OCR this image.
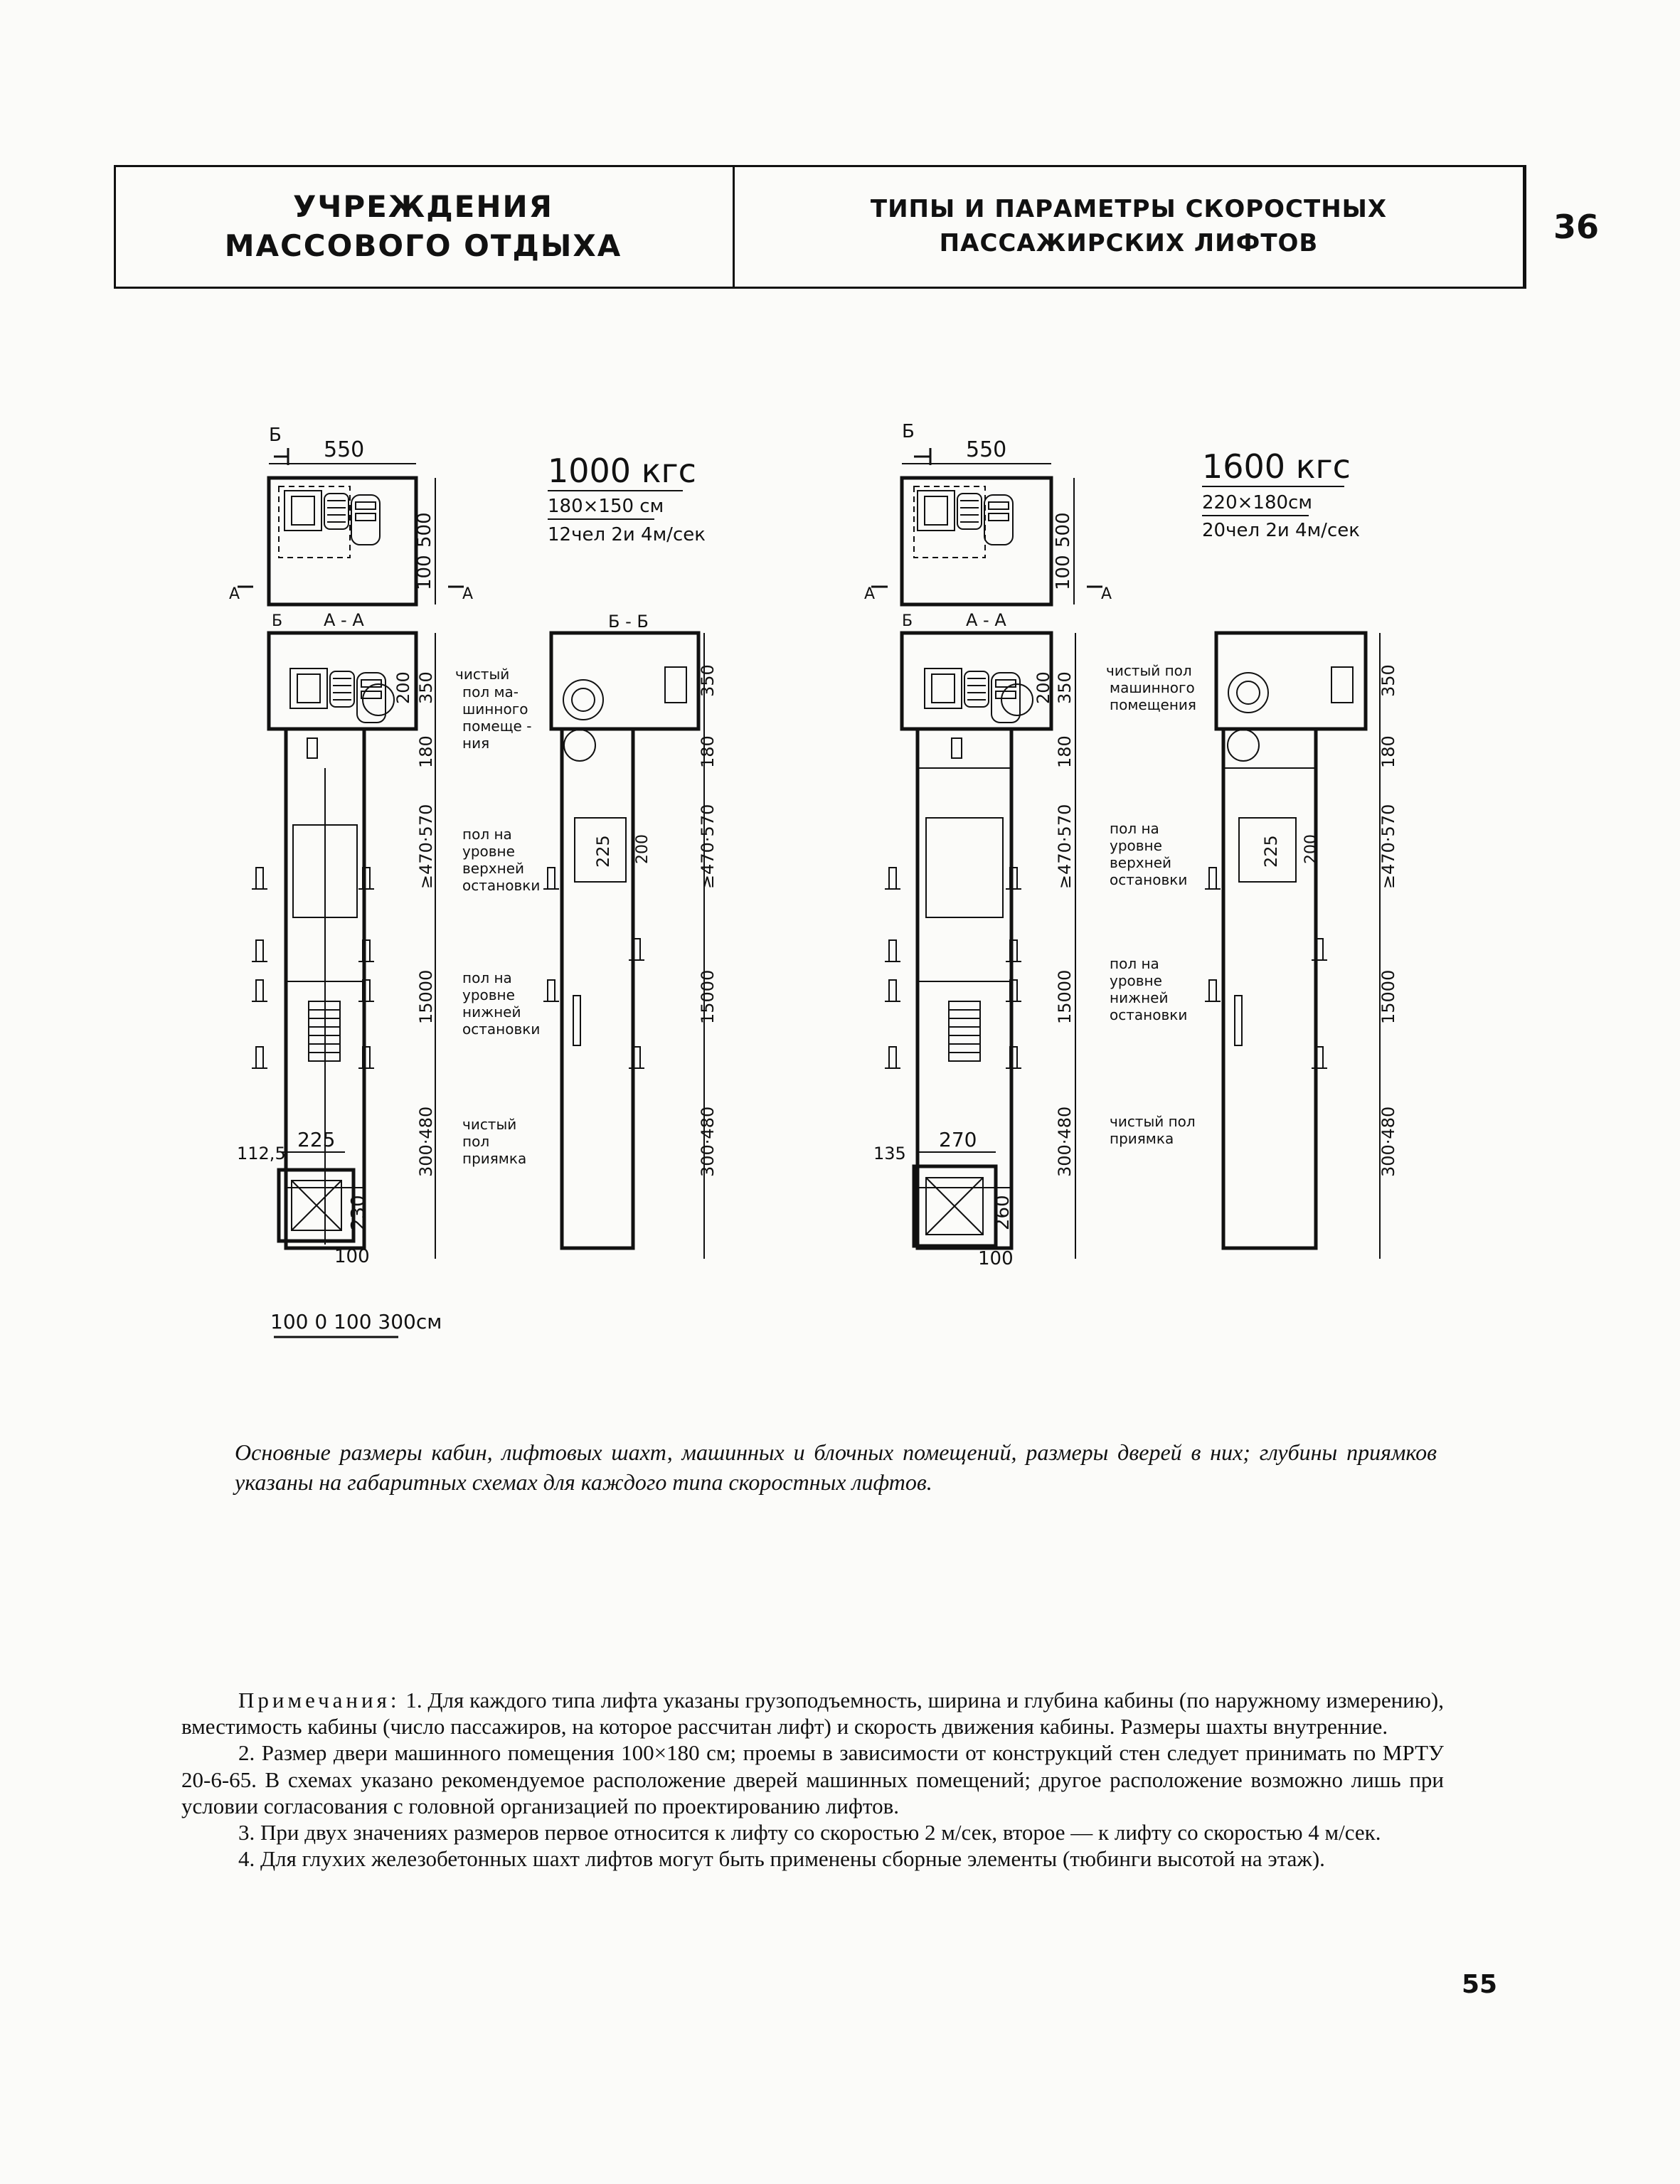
УЧРЕЖДЕНИЯ
МАССОВОГО ОТДЫХА
ТИПЫ И ПАРАМЕТРЫ СКОРОСТНЫХ
ПАССАЖИРСКИХ ЛИФТОВ	36
Б
550
500
100
А	А
Б А - А
350
200
180
≥470·570
15000
300·480
чистый
пол ма-
шинного
помеще -
ния
пол на
уровне
верхней
остановки
пол на
уровне
нижней
остановки
чистый
пол
приямка
Б - Б
225 200
350
180
≥470·570
15000
300·480
1000 кгс
180×150 см
12чел 2и 4м/сек
112,5
225
230
100
100 0 100 300см
Б
550
500
100
А	А
Б	А - А
350
200
180
≥470·570
15000
300·480
чистый пол
машинного
помещения
пол на
уровне
верхней
остановки
пол на
уровне
нижней
остановки
чистый пол
приямка
225 200
350
180
≥470·570
15000
300·480
1600 кгс
220×180см
20чел 2и 4м/сек
135
270
260
100

Основные размеры кабин, лифтовых шахт, машинных и блочных помещений, размеры дверей в них; глубины приямков указаны на габаритных схемах для каждого типа скоростных лифтов.

Примечания: 1. Для каждого типа лифта указаны грузоподъемность, ширина и глубина кабины (по наружному измерению), вместимость кабины (число пассажиров, на которое рассчитан лифт) и скорость движения кабины. Размеры шахты внутренние.

2. Размер двери машинного помещения 100×180 см; проемы в зависимости от конструкций стен следует принимать по МРТУ 20-6-65. В схемах указано рекомендуемое расположение дверей машинных помещений; другое расположение возможно лишь при условии согласования с головной организацией по проектированию лифтов.

3. При двух значениях размеров первое относится к лифту со скоростью 2 м/сек, второе — к лифту со скоростью 4 м/сек.

4. Для глухих железобетонных шахт лифтов могут быть применены сборные элементы (тюбинги высотой на этаж).

55
